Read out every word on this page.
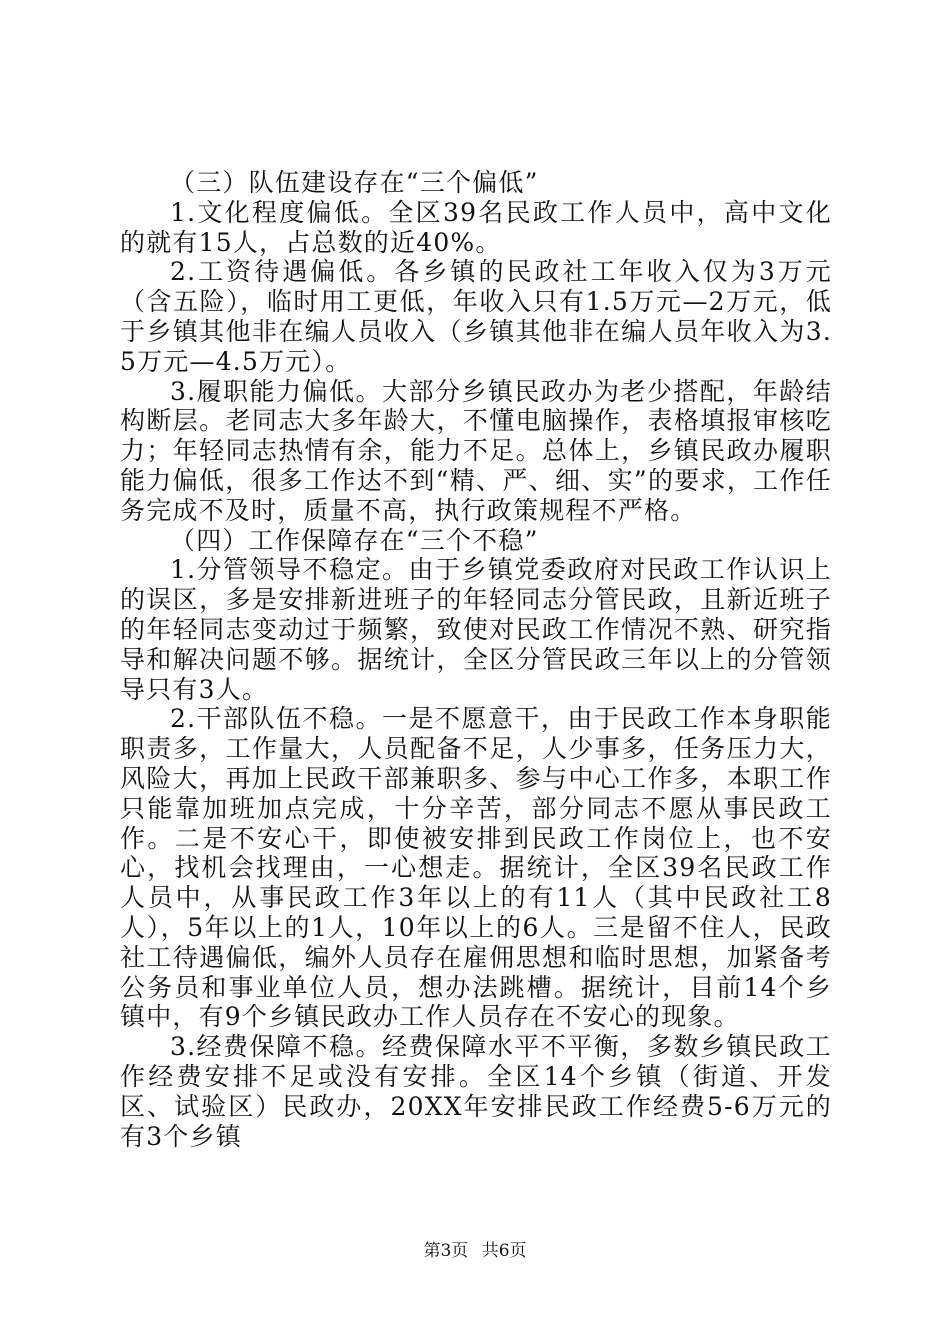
（三）队伍建设存在“三个偏低”

1.文化程度偏低。全区39名民政工作人员中，高中文化的就有15人，占总数的近40%。

2.工资待遇偏低。各乡镇的民政社工年收入仅为3万元（含五险），临时用工更低，年收入只有1.5万元—2万元，低于乡镇其他非在编人员收入（乡镇其他非在编人员年收入为3.5万元—4.5万元）。

3.履职能力偏低。大部分乡镇民政办为老少搭配，年龄结构断层。老同志大多年龄大，不懂电脑操作，表格填报审核吃力；年轻同志热情有余，能力不足。总体上，乡镇民政办履职能力偏低，很多工作达不到“精、严、细、实”的要求，工作任务完成不及时，质量不高，执行政策规程不严格。

（四）工作保障存在“三个不稳”

1.分管领导不稳定。由于乡镇党委政府对民政工作认识上的误区，多是安排新进班子的年轻同志分管民政，且新近班子的年轻同志变动过于频繁，致使对民政工作情况不熟、研究指导和解决问题不够。据统计，全区分管民政三年以上的分管领导只有3人。

2.干部队伍不稳。一是不愿意干，由于民政工作本身职能职责多，工作量大，人员配备不足，人少事多，任务压力大，风险大，再加上民政干部兼职多、参与中心工作多，本职工作只能靠加班加点完成，十分辛苦，部分同志不愿从事民政工作。二是不安心干，即使被安排到民政工作岗位上，也不安心，找机会找理由，一心想走。据统计，全区39名民政工作人员中，从事民政工作3年以上的有11人（其中民政社工8人），5年以上的1人，10年以上的6人。三是留不住人，民政社工待遇偏低，编外人员存在雇佣思想和临时思想，加紧备考公务员和事业单位人员，想办法跳槽。据统计，目前14个乡镇中，有9个乡镇民政办工作人员存在不安心的现象。

3.经费保障不稳。经费保障水平不平衡，多数乡镇民政工作经费安排不足或没有安排。全区14个乡镇（街道、开发区、试验区）民政办，20XX年安排民政工作经费5-6万元的有3个乡镇

第3页 共6页
